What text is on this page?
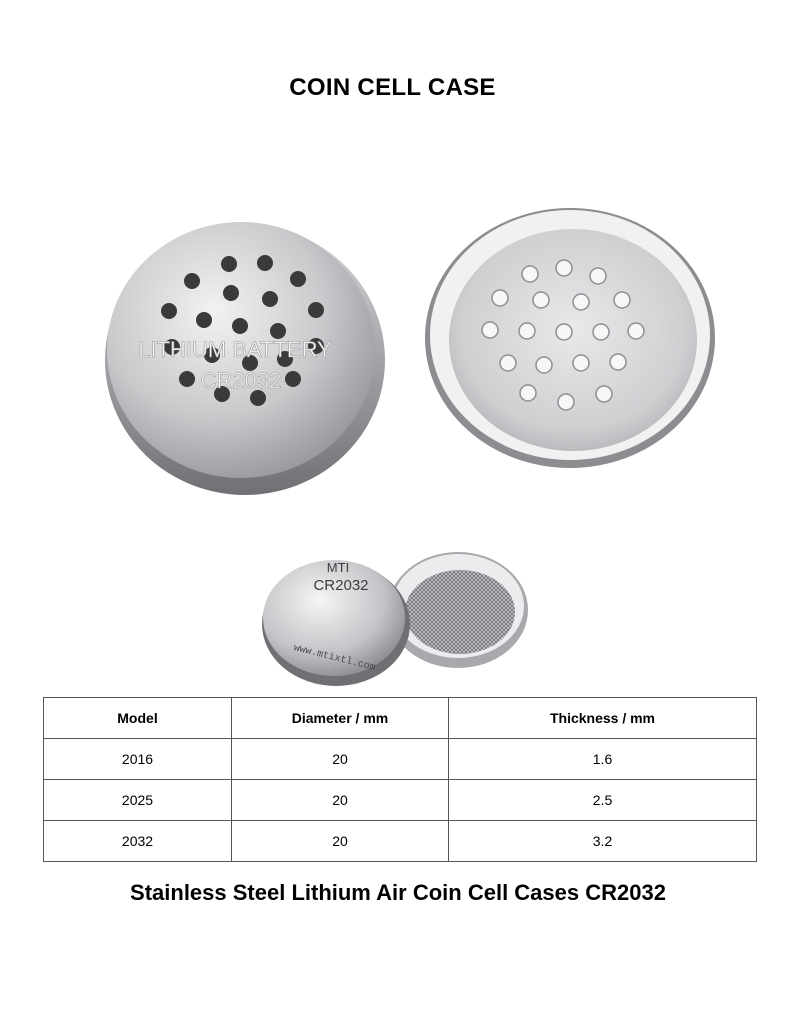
COIN CELL CASE
LITHIUM BATTERY
CR2032
MTI
CR2032
www.mtixtl.com
Model	Diameter / mm	Thickness / mm
2016	20	1.6
2025	20	2.5
2032	20	3.2
Stainless Steel Lithium Air Coin Cell Cases CR2032
